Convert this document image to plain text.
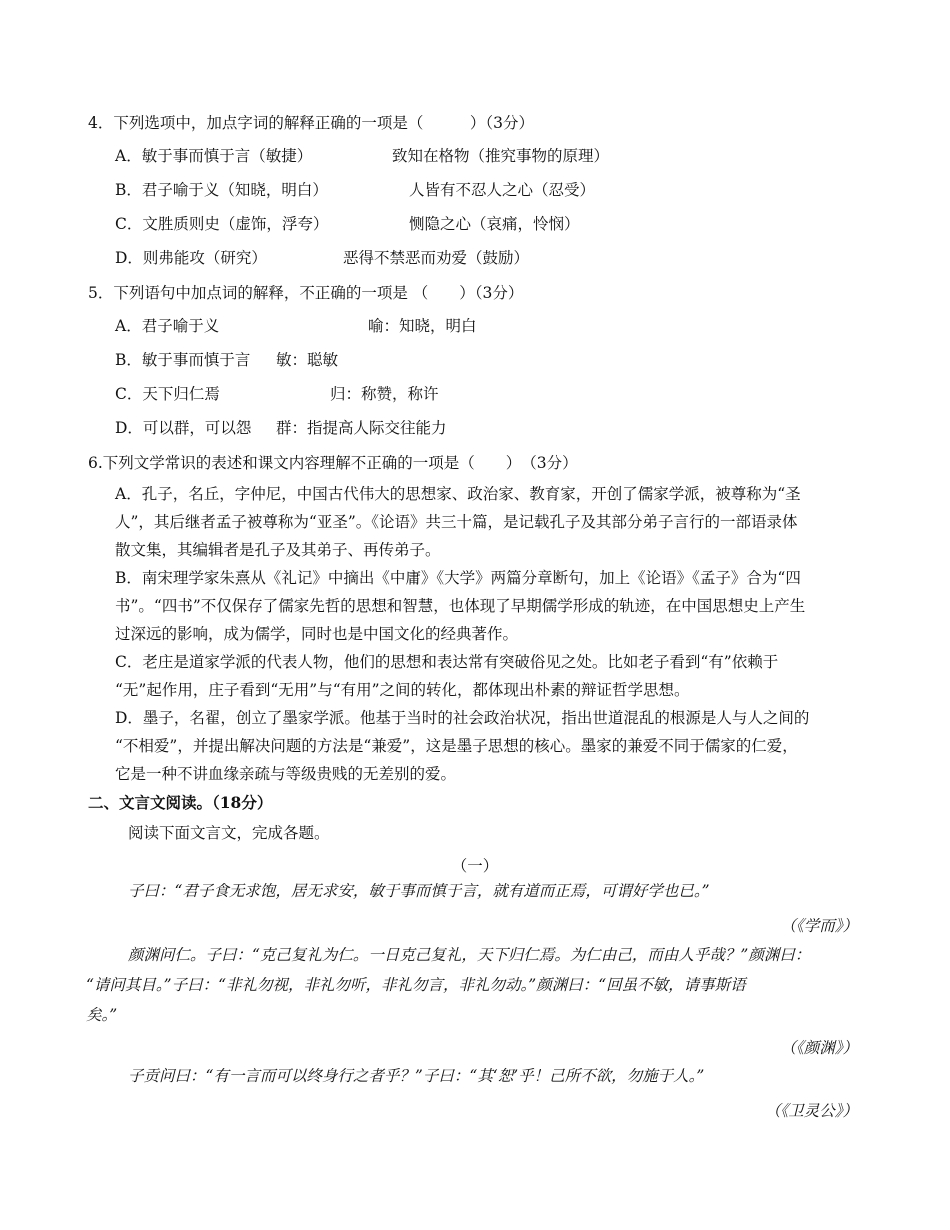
4．下列选项中，加点字词的解释正确的一项是（　　　）（3分）
A．敏于事而慎于言（敏捷）	致知在格物（推究事物的原理）
B．君子喻于义（知晓，明白）	人皆有不忍人之心（忍受）
C．文胜质则史（虚饰，浮夸）	恻隐之心（哀痛，怜悯）
D．则弗能攻（研究）	恶得不禁恶而劝爱（鼓励）
5．下列语句中加点词的解释，不正确的一项是 （　　）（3分）
A．君子喻于义	喻：知晓，明白
B．敏于事而慎于言 敏：聪敏
C．天下归仁焉	归：称赞，称许
D．可以群，可以怨 群：指提高人际交往能力
6.下列文学常识的表述和课文内容理解不正确的一项是（　　）　（3分）
A．孔子，名丘，字仲尼，中国古代伟大的思想家、政治家、教育家，开创了儒家学派，被尊称为“圣
人”，其后继者孟子被尊称为“亚圣”。《论语》共三十篇，是记载孔子及其部分弟子言行的一部语录体
散文集，其编辑者是孔子及其弟子、再传弟子。
B．南宋理学家朱熹从《礼记》中摘出《中庸》《大学》两篇分章断句，加上《论语》《孟子》合为“四
书”。“四书”不仅保存了儒家先哲的思想和智慧，也体现了早期儒学形成的轨迹，在中国思想史上产生
过深远的影响，成为儒学，同时也是中国文化的经典著作。
C．老庄是道家学派的代表人物，他们的思想和表达常有突破俗见之处。比如老子看到“有”依赖于
“无”起作用，庄子看到“无用”与“有用”之间的转化，都体现出朴素的辩证哲学思想。
D．墨子，名翟，创立了墨家学派。他基于当时的社会政治状况，指出世道混乱的根源是人与人之间的
“不相爱”，并提出解决问题的方法是“兼爱”，这是墨子思想的核心。墨家的兼爱不同于儒家的仁爱，
它是一种不讲血缘亲疏与等级贵贱的无差别的爱。
二、文言文阅读。（18分）
阅读下面文言文，完成各题。
（一）
子曰：“君子食无求饱，居无求安，敏于事而慎于言，就有道而正焉，可谓好学也已。”
（《学而》）
颜渊问仁。子曰：“克己复礼为仁。一日克己复礼，天下归仁焉。为仁由己，而由人乎哉？”颜渊曰：
“请问其目。”子曰：“非礼勿视，非礼勿听，非礼勿言，非礼勿动。”颜渊曰：“回虽不敏，请事斯语
矣。”
（《颜渊》）
子贡问曰：“有一言而可以终身行之者乎？”子曰：“其‘恕’乎！己所不欲，勿施于人。”
（《卫灵公》）
